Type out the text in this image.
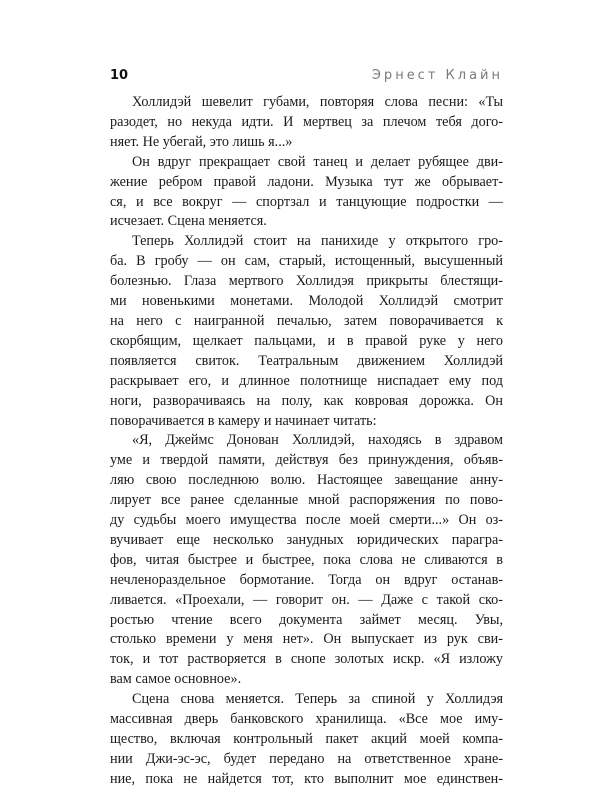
10	Эрнест Клайн

Холлидэй шевелит губами, повторяя слова песни: «Ты
разодет, но некуда идти. И мертвец за плечом тебя дого-
няет. Не убегай, это лишь я...»

Он вдруг прекращает свой танец и делает рубящее дви-
жение ребром правой ладони. Музыка тут же обрывает-
ся, и все вокруг — спортзал и танцующие подростки —
исчезает. Сцена меняется.

Теперь Холлидэй стоит на панихиде у открытого гро-
ба. В гробу — он сам, старый, истощенный, высушенный
болезнью. Глаза мертвого Холлидэя прикрыты блестящи-
ми новенькими монетами. Молодой Холлидэй смотрит
на него с наигранной печалью, затем поворачивается к
скорбящим, щелкает пальцами, и в правой руке у него
появляется свиток. Театральным движением Холлидэй
раскрывает его, и длинное полотнище ниспадает ему под
ноги, разворачиваясь на полу, как ковровая дорожка. Он
поворачивается в камеру и начинает читать:

«Я, Джеймс Донован Холлидэй, находясь в здравом
уме и твердой памяти, действуя без принуждения, объяв-
ляю свою последнюю волю. Настоящее завещание анну-
лирует все ранее сделанные мной распоряжения по пово-
ду судьбы моего имущества после моей смерти...» Он оз-
вучивает еще несколько занудных юридических парагра-
фов, читая быстрее и быстрее, пока слова не сливаются в
нечленораздельное бормотание. Тогда он вдруг останав-
ливается. «Проехали, — говорит он. — Даже с такой ско-
ростью чтение всего документа займет месяц. Увы,
столько времени у меня нет». Он выпускает из рук сви-
ток, и тот растворяется в снопе золотых искр. «Я изложу
вам самое основное».

Сцена снова меняется. Теперь за спиной у Холлидэя
массивная дверь банковского хранилища. «Все мое иму-
щество, включая контрольный пакет акций моей компа-
нии Джи-эс-эс, будет передано на ответственное хране-
ние, пока не найдется тот, кто выполнит мое единствен-
